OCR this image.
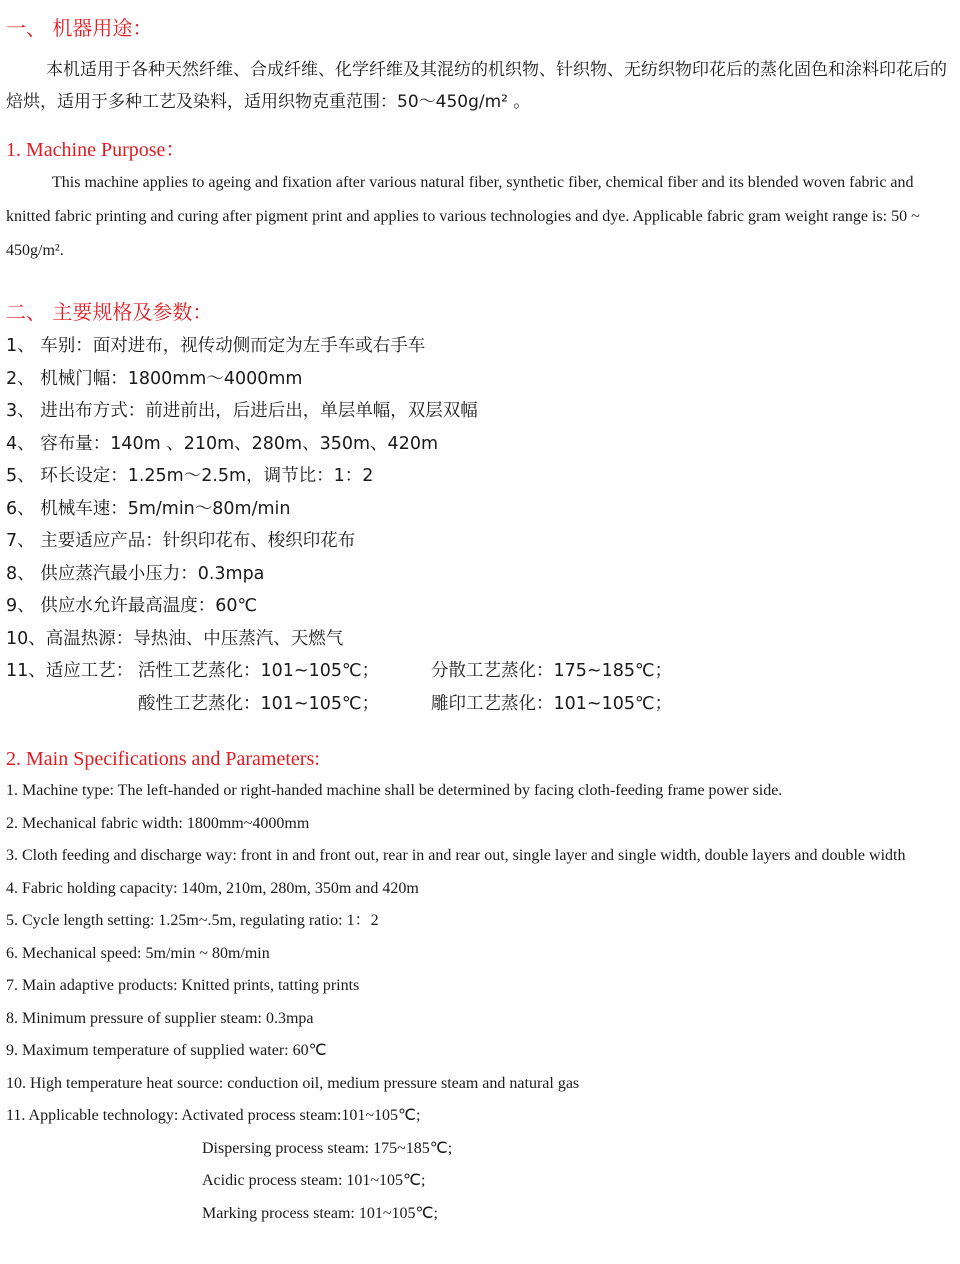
一、 机器用途：

本机适用于各种天然纤维、合成纤维、化学纤维及其混纺的机织物、针织物、无纺织物印花后的蒸化固色和涂料印花后的焙烘，适用于多种工艺及染料，适用织物克重范围：50～450g/m² 。

1. Machine Purpose：

This machine applies to ageing and fixation after various natural fiber, synthetic fiber, chemical fiber and its blended woven fabric and knitted fabric printing and curing after pigment print and applies to various technologies and dye. Applicable fabric gram weight range is: 50 ~ 450g/m².

二、 主要规格及参数：
1、 车别：面对进布，视传动侧而定为左手车或右手车
2、 机械门幅：1800mm～4000mm
3、 进出布方式：前进前出，后进后出，单层单幅，双层双幅
4、 容布量：140m 、210m、280m、350m、420m
5、 环长设定：1.25m～2.5m，调节比：1：2
6、 机械车速：5m/min～80m/min
7、 主要适应产品：针织印花布、梭织印花布
8、 供应蒸汽最小压力：0.3mpa
9、 供应水允许最高温度：60℃
10、高温热源：导热油、中压蒸汽、天燃气
11、适应工艺： 活性工艺蒸化：101~105℃；	分散工艺蒸化：175~185℃；
酸性工艺蒸化：101~105℃；	雕印工艺蒸化：101~105℃；
2. Main Specifications and Parameters:
1. Machine type: The left-handed or right-handed machine shall be determined by facing cloth-feeding frame power side.
2. Mechanical fabric width: 1800mm~4000mm
3. Cloth feeding and discharge way: front in and front out, rear in and rear out, single layer and single width, double layers and double width
4. Fabric holding capacity: 140m, 210m, 280m, 350m and 420m
5. Cycle length setting: 1.25m~.5m, regulating ratio: 1：2
6. Mechanical speed: 5m/min ~ 80m/min
7. Main adaptive products: Knitted prints, tatting prints
8. Minimum pressure of supplier steam: 0.3mpa
9. Maximum temperature of supplied water: 60℃
10. High temperature heat source: conduction oil, medium pressure steam and natural gas
11. Applicable technology: Activated process steam:101~105℃;
Dispersing process steam: 175~185℃;
Acidic process steam: 101~105℃;
Marking process steam: 101~105℃;
